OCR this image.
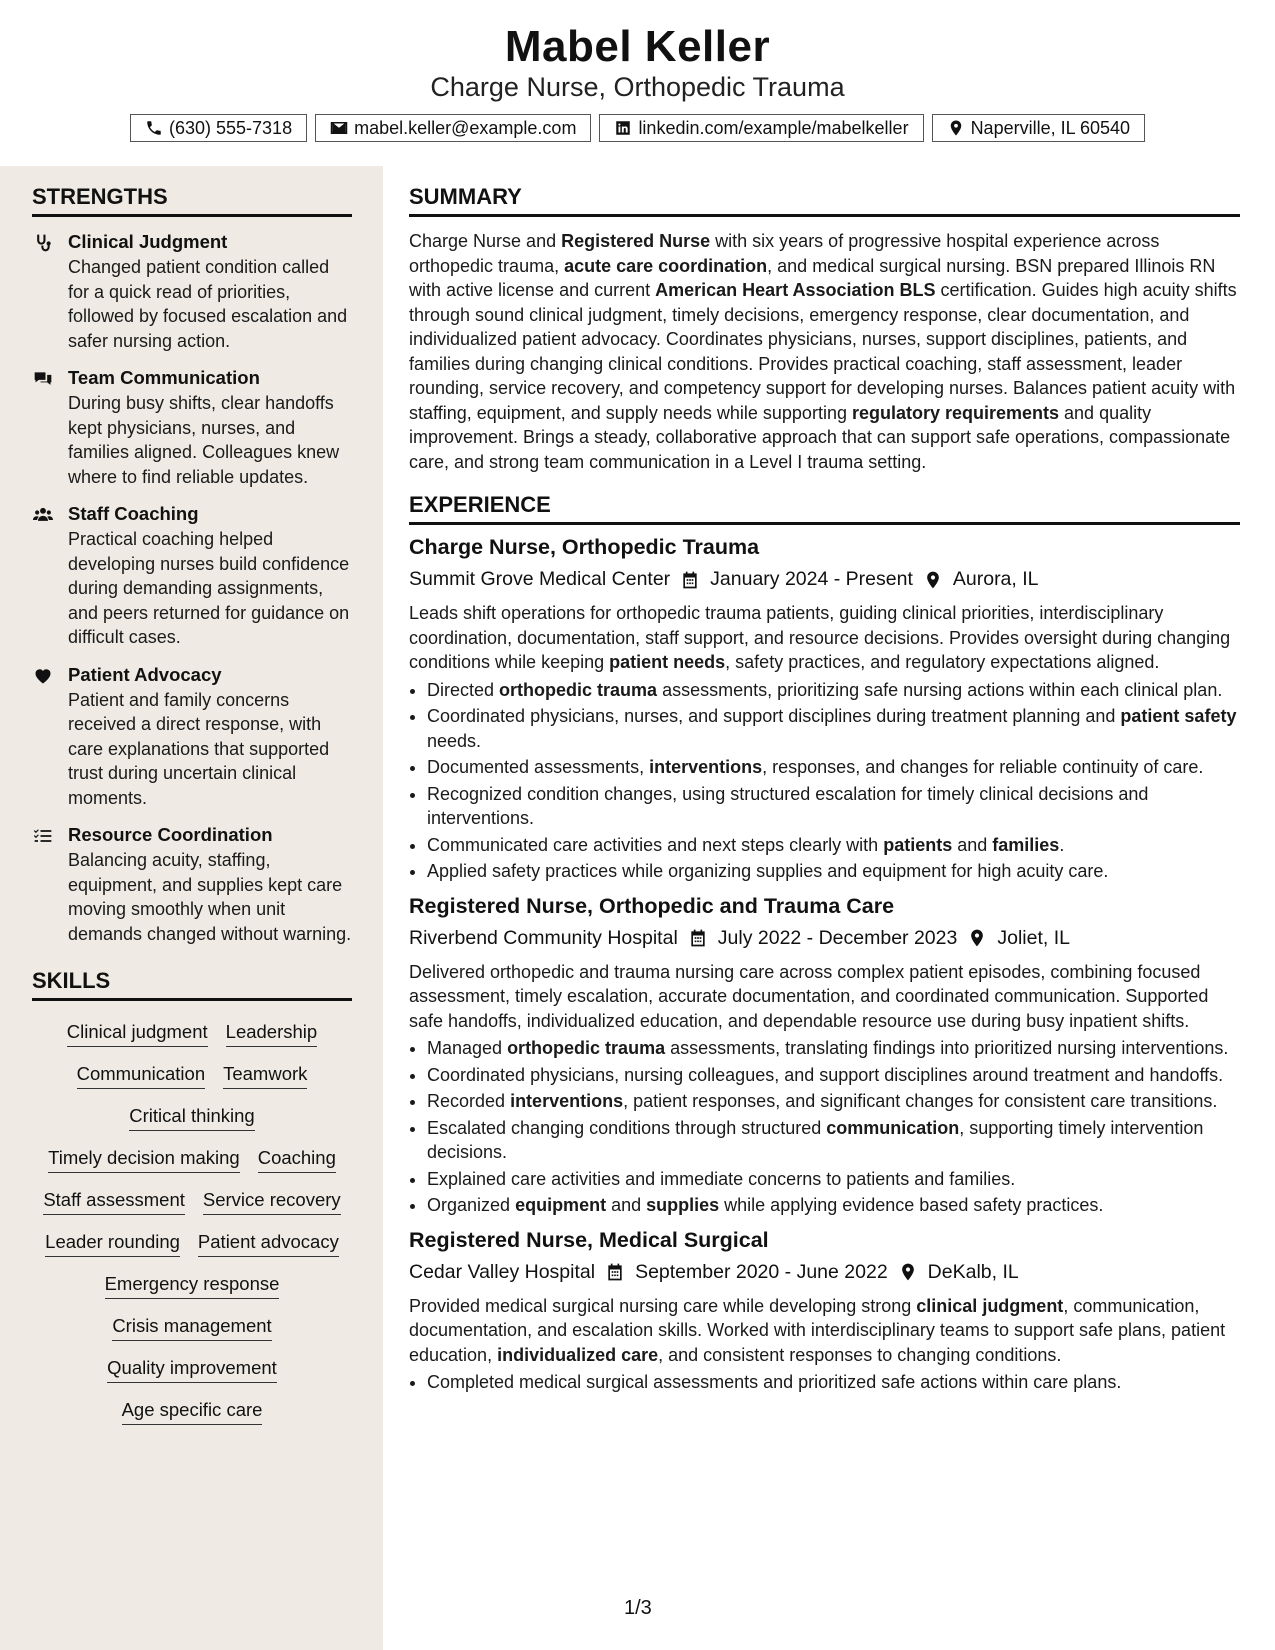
Mabel Keller
Charge Nurse, Orthopedic Trauma
(630) 555-7318	mabel.keller@example.com	linkedin.com/example/mabelkeller	Naperville, IL 60540
STRENGTHS
Clinical Judgment
Changed patient condition called for a quick read of priorities, followed by focused escalation and safer nursing action.
Team Communication
During busy shifts, clear handoffs kept physicians, nurses, and families aligned. Colleagues knew where to find reliable updates.
Staff Coaching
Practical coaching helped developing nurses build confidence during demanding assignments, and peers returned for guidance on difficult cases.
Patient Advocacy
Patient and family concerns received a direct response, with care explanations that supported trust during uncertain clinical moments.
Resource Coordination
Balancing acuity, staffing, equipment, and supplies kept care moving smoothly when unit demands changed without warning.
SKILLS
Clinical judgment Leadership
Communication Teamwork
Critical thinking
Timely decision making Coaching
Staff assessment Service recovery
Leader rounding Patient advocacy
Emergency response
Crisis management
Quality improvement
Age specific care
SUMMARY
Charge Nurse and Registered Nurse with six years of progressive hospital experience across orthopedic trauma, acute care coordination, and medical surgical nursing. BSN prepared Illinois RN with active license and current American Heart Association BLS certification. Guides high acuity shifts through sound clinical judgment, timely decisions, emergency response, clear documentation, and individualized patient advocacy. Coordinates physicians, nurses, support disciplines, patients, and families during changing clinical conditions. Provides practical coaching, staff assessment, leader rounding, service recovery, and competency support for developing nurses. Balances patient acuity with staffing, equipment, and supply needs while supporting regulatory requirements and quality improvement. Brings a steady, collaborative approach that can support safe operations, compassionate care, and strong team communication in a Level I trauma setting.
EXPERIENCE
Charge Nurse, Orthopedic Trauma
Summit Grove Medical Center January 2024 - Present Aurora, IL
Leads shift operations for orthopedic trauma patients, guiding clinical priorities, interdisciplinary coordination, documentation, staff support, and resource decisions. Provides oversight during changing conditions while keeping patient needs, safety practices, and regulatory expectations aligned.
• Directed orthopedic trauma assessments, prioritizing safe nursing actions within each clinical plan.
• Coordinated physicians, nurses, and support disciplines during treatment planning and patient safety needs.
• Documented assessments, interventions, responses, and changes for reliable continuity of care.
• Recognized condition changes, using structured escalation for timely clinical decisions and interventions.
• Communicated care activities and next steps clearly with patients and families.
• Applied safety practices while organizing supplies and equipment for high acuity care.
Registered Nurse, Orthopedic and Trauma Care
Riverbend Community Hospital July 2022 - December 2023 Joliet, IL
Delivered orthopedic and trauma nursing care across complex patient episodes, combining focused assessment, timely escalation, accurate documentation, and coordinated communication. Supported safe handoffs, individualized education, and dependable resource use during busy inpatient shifts.
• Managed orthopedic trauma assessments, translating findings into prioritized nursing interventions.
• Coordinated physicians, nursing colleagues, and support disciplines around treatment and handoffs.
• Recorded interventions, patient responses, and significant changes for consistent care transitions.
• Escalated changing conditions through structured communication, supporting timely intervention decisions.
• Explained care activities and immediate concerns to patients and families.
• Organized equipment and supplies while applying evidence based safety practices.
Registered Nurse, Medical Surgical
Cedar Valley Hospital September 2020 - June 2022 DeKalb, IL
Provided medical surgical nursing care while developing strong clinical judgment, communication, documentation, and escalation skills. Worked with interdisciplinary teams to support safe plans, patient education, individualized care, and consistent responses to changing conditions.
• Completed medical surgical assessments and prioritized safe actions within care plans.
1/3
